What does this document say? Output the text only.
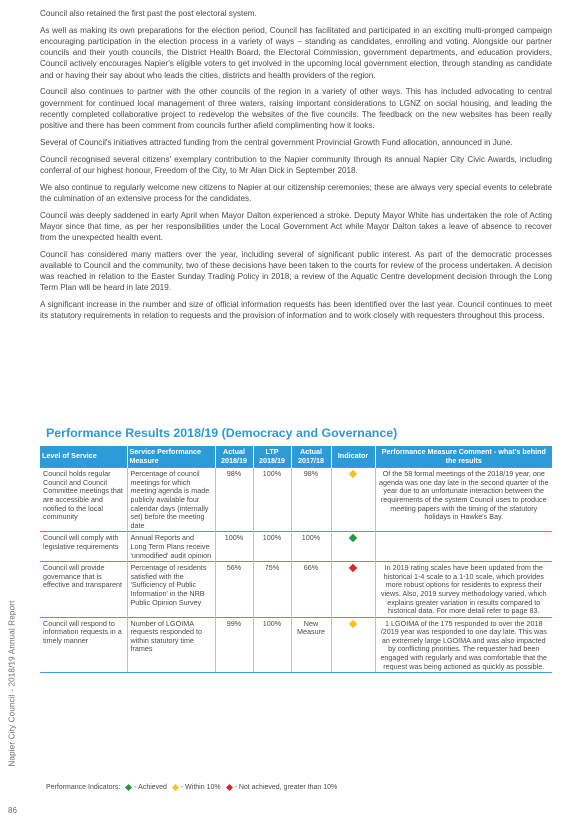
Napier City Council - 2018/19 Annual Report
86

Council also retained the first past the post electoral system.

As well as making its own preparations for the election period, Council has facilitated and participated in an exciting multi-pronged campaign encouraging participation in the election process in a variety of ways – standing as candidates, enrolling and voting. Alongside our partner councils and their youth councils, the District Health Board, the Electoral Commission, government departments, and education providers, Council actively encourages Napier's eligible voters to get involved in the upcoming local government election, through standing as candidate and or having their say about who leads the cities, districts and health providers of the region.

Council also continues to partner with the other councils of the region in a variety of other ways. This has included advocating to central government for continued local management of three waters, raising important considerations to LGNZ on social housing, and leading the recently completed collaborative project to redevelop the websites of the five councils. The feedback on the new websites has been really positive and there has been comment from councils further afield complimenting how it looks.

Several of Council's initiatives attracted funding from the central government Provincial Growth Fund allocation, announced in June.

Council recognised several citizens' exemplary contribution to the Napier community through its annual Napier City Civic Awards, including conferral of our highest honour, Freedom of the City, to Mr Alan Dick in September 2018.

We also continue to regularly welcome new citizens to Napier at our citizenship ceremonies; these are always very special events to celebrate the culmination of an extensive process for the candidates.

Council was deeply saddened in early April when Mayor Dalton experienced a stroke. Deputy Mayor White has undertaken the role of Acting Mayor since that time, as per her responsibilities under the Local Government Act while Mayor Dalton takes a leave of absence to recover from the unexpected health event.

Council has considered many matters over the year, including several of significant public interest. As part of the democratic processes available to Council and the community, two of these decisions have been taken to the courts for review of the process undertaken. A decision was reached in relation to the Easter Sunday Trading Policy in 2018; a review of the Aquatic Centre development decision through the Long Term Plan will be heard in late 2019.

A significant increase in the number and size of official information requests has been identified over the last year. Council continues to meet its statutory requirements in relation to requests and the provision of information and to work closely with requesters throughout this process.

Performance Results 2018/19 (Democracy and Governance)
Level of Service	Service Performance Measure	Actual 2018/19	LTP 2018/19	Actual 2017/18	Indicator	Performance Measure Comment - what's behind the results
Council holds regular Council and Council Committee meetings that are accessible and notified to the local community	Percentage of council meetings for which meeting agenda is made publicly available four calendar days (internally set) before the meeting date	98%	100%	98%		Of the 58 formal meetings of the 2018/19 year, one agenda was one day late in the second quarter of the year due to an unfortunate interaction between the requirements of the system Council uses to produce meeting papers with the timing of the statutory holidays in Hawke's Bay.
Council will comply with legislative requirements	Annual Reports and Long Term Plans receive 'unmodified' audit opinion	100%	100%	100%	

Council will provide governance that is effective and transparent	Percentage of residents satisfied with the 'Sufficiency of Public Information' in the NRB Public Opinion Survey	56%	75%	66%		In 2019 rating scales have been updated from the historical 1-4 scale to a 1-10 scale, which provides more robust options for residents to express their views. Also, 2019 survey methodology varied, which explains greater variation in results compared to historical data. For more detail refer to page 83.
Council will respond to information requests in a timely manner	Number of LGOIMA requests responded to within statutory time frames	99%	100%	New Measure		1 LGOIMA of the 175 responded to over the 2018 /2019 year was responded to one day late. This was an extremely large LGOIMA and was also impacted by conflicting priorities. The requester had been engaged with regularly and was comfortable that the request was being actioned as quickly as possible.
Performance Indicators: - Achieved - Within 10% - Not achieved, greater than 10%
